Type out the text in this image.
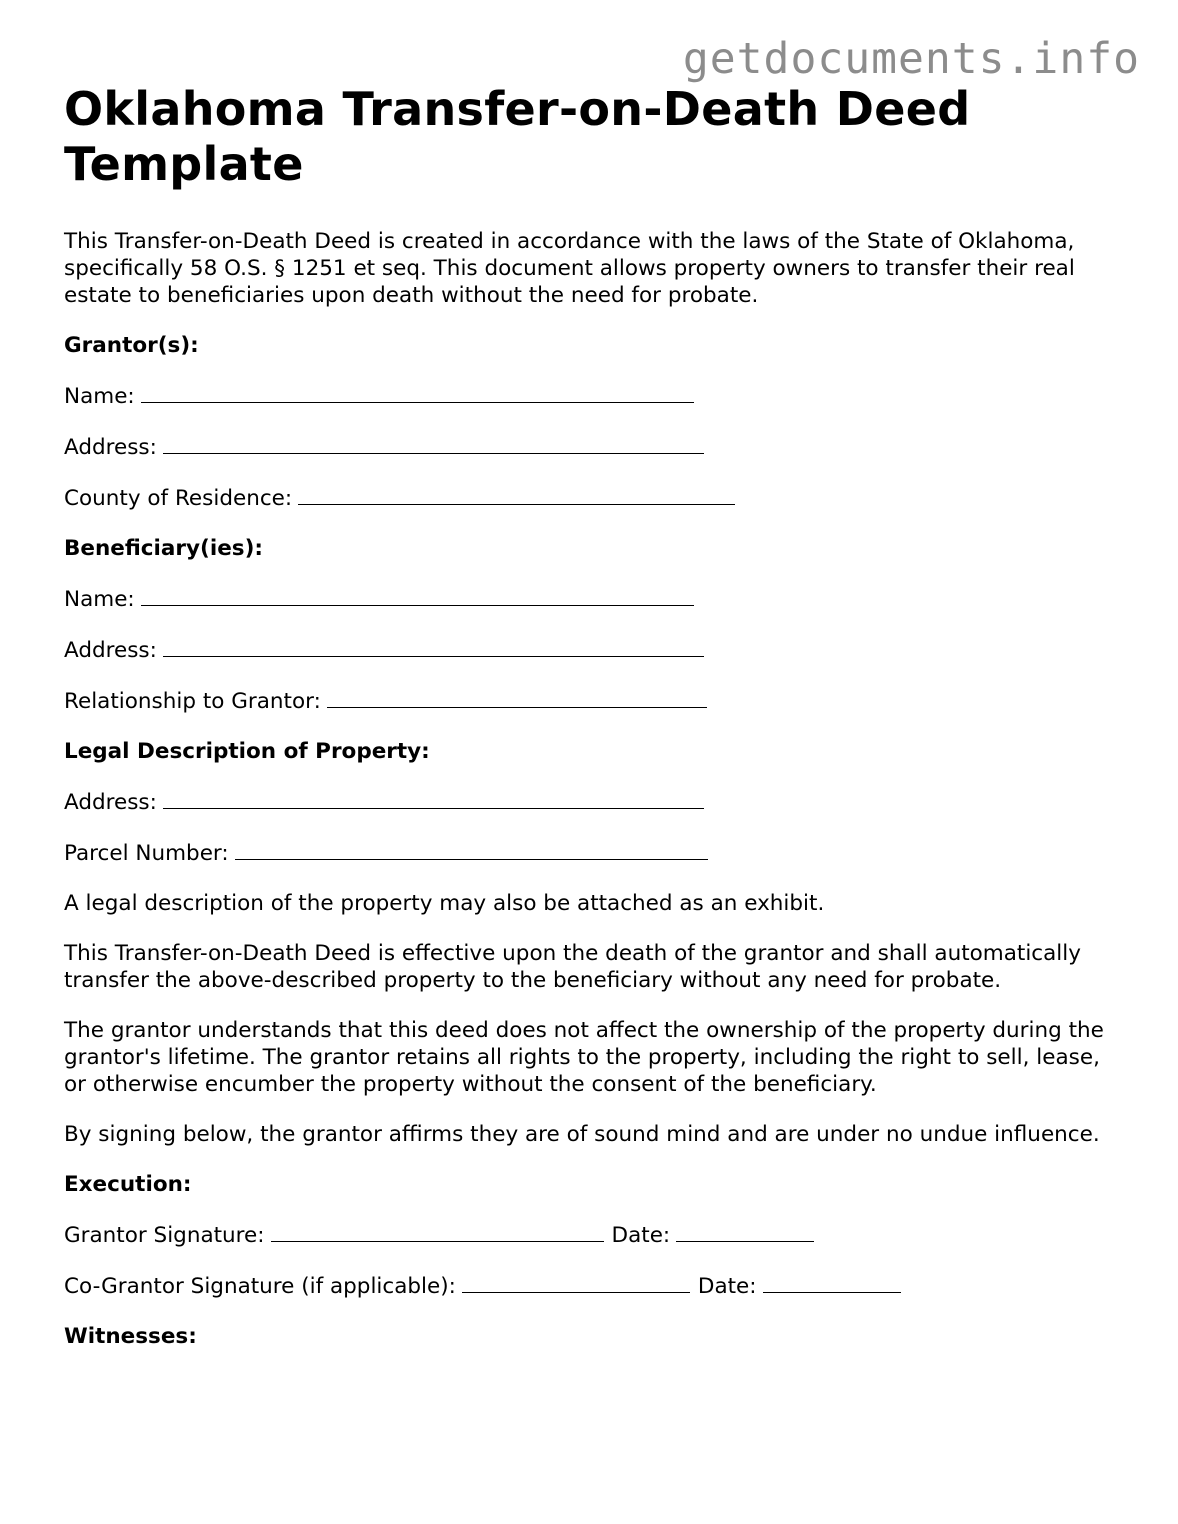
getdocuments.info
Oklahoma Transfer-on-Death Deed Template

This Transfer-on-Death Deed is created in accordance with the laws of the State of Oklahoma, specifically 58 O.S. § 1251 et seq. This document allows property owners to transfer their real estate to beneficiaries upon death without the need for probate.

Grantor(s):

Name:

Address:

County of Residence:

Beneficiary(ies):

Name:

Address:

Relationship to Grantor:

Legal Description of Property:

Address:

Parcel Number:

A legal description of the property may also be attached as an exhibit.

This Transfer-on-Death Deed is effective upon the death of the grantor and shall automatically transfer the above-described property to the beneficiary without any need for probate.

The grantor understands that this deed does not affect the ownership of the property during the grantor's lifetime. The grantor retains all rights to the property, including the right to sell, lease, or otherwise encumber the property without the consent of the beneficiary.

By signing below, the grantor affirms they are of sound mind and are under no undue influence.

Execution:

Grantor Signature:	Date:

Co-Grantor Signature (if applicable):	Date:

Witnesses:
